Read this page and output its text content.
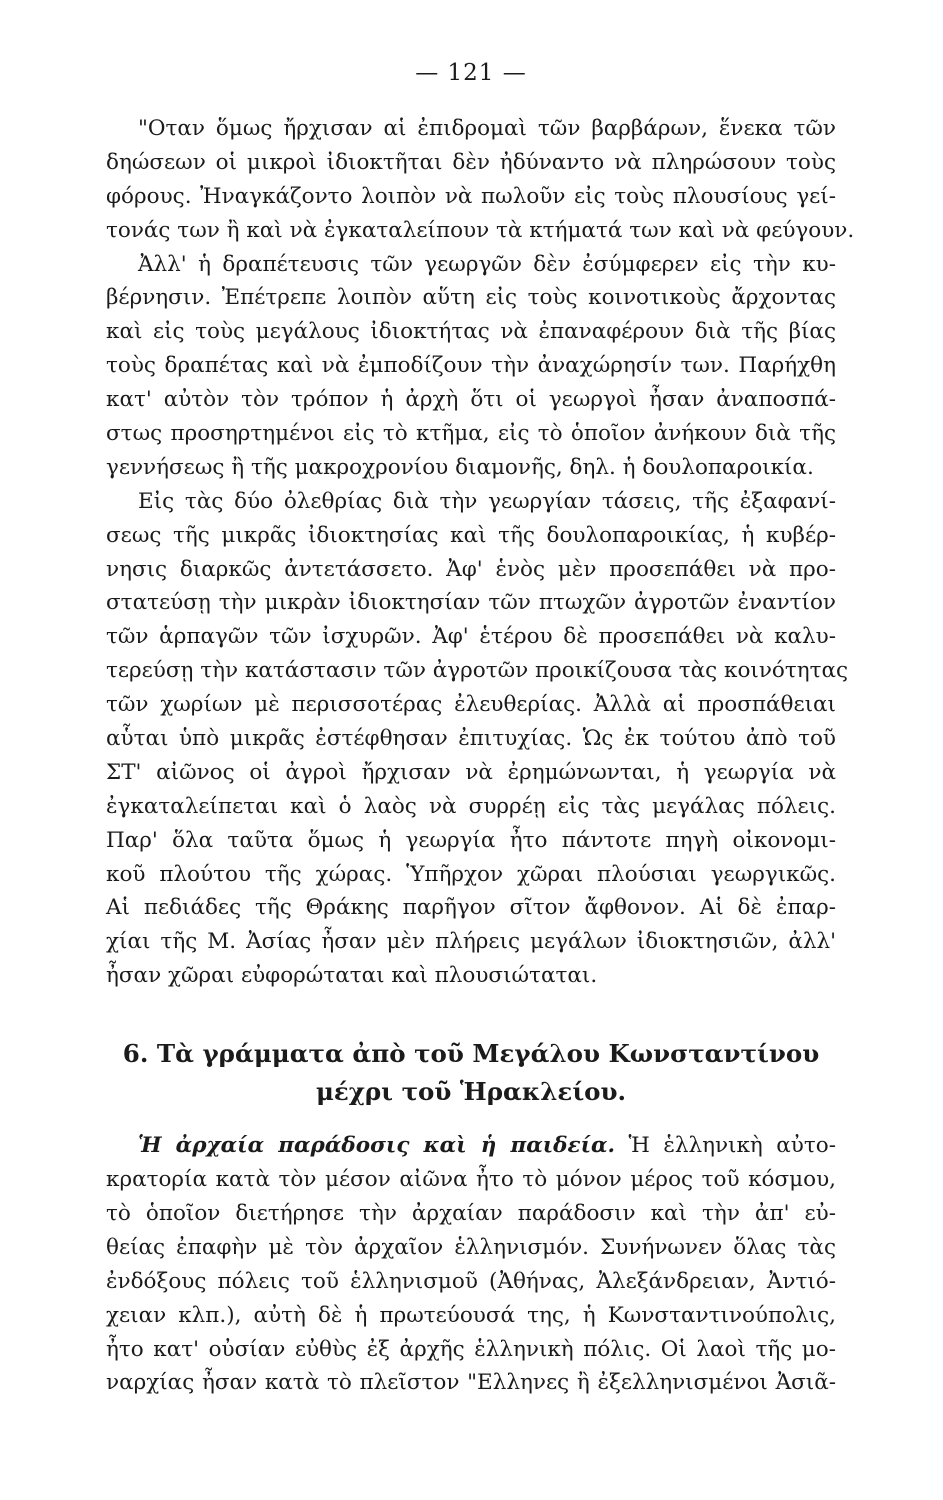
— 121 —

"Οταν ὅμως ἤρχισαν αἱ ἐπιδρομαὶ τῶν βαρβάρων, ἕνεκα τῶν
δηώσεων οἱ μικροὶ ἰδιοκτῆται δὲν ἠδύναντο νὰ πληρώσουν τοὺς
φόρους. Ἠναγκάζοντο λοιπὸν νὰ πωλοῦν εἰς τοὺς πλουσίους γεί-
τονάς των ἢ καὶ νὰ ἐγκαταλείπουν τὰ κτήματά των καὶ νὰ φεύγουν.

Ἀλλ' ἡ δραπέτευσις τῶν γεωργῶν δὲν ἐσύμφερεν εἰς τὴν κυ-
βέρνησιν. Ἐπέτρεπε λοιπὸν αὕτη εἰς τοὺς κοινοτικοὺς ἄρχοντας
καὶ εἰς τοὺς μεγάλους ἰδιοκτήτας νὰ ἐπαναφέρουν διὰ τῆς βίας
τοὺς δραπέτας καὶ νὰ ἐμποδίζουν τὴν ἀναχώρησίν των. Παρήχθη
κατ' αὐτὸν τὸν τρόπον ἡ ἀρχὴ ὅτι οἱ γεωργοὶ ἦσαν ἀναποσπά-
στως προσηρτημένοι εἰς τὸ κτῆμα, εἰς τὸ ὁποῖον ἀνήκουν διὰ τῆς
γεννήσεως ἢ τῆς μακροχρονίου διαμονῆς, δηλ. ἡ δουλοπαροικία.

Εἰς τὰς δύο ὀλεθρίας διὰ τὴν γεωργίαν τάσεις, τῆς ἐξαφανί-
σεως τῆς μικρᾶς ἰδιοκτησίας καὶ τῆς δουλοπαροικίας, ἡ κυβέρ-
νησις διαρκῶς ἀντετάσσετο. Ἀφ' ἑνὸς μὲν προσεπάθει νὰ προ-
στατεύσῃ τὴν μικρὰν ἰδιοκτησίαν τῶν πτωχῶν ἀγροτῶν ἐναντίον
τῶν ἁρπαγῶν τῶν ἰσχυρῶν. Ἀφ' ἑτέρου δὲ προσεπάθει νὰ καλυ-
τερεύσῃ τὴν κατάστασιν τῶν ἀγροτῶν προικίζουσα τὰς κοινότητας
τῶν χωρίων μὲ περισσοτέρας ἐλευθερίας. Ἀλλὰ αἱ προσπάθειαι
αὗται ὑπὸ μικρᾶς ἐστέφθησαν ἐπιτυχίας. Ὡς ἐκ τούτου ἀπὸ τοῦ
ΣΤ' αἰῶνος οἱ ἀγροὶ ἤρχισαν νὰ ἐρημώνωνται, ἡ γεωργία νὰ
ἐγκαταλείπεται καὶ ὁ λαὸς νὰ συρρέῃ εἰς τὰς μεγάλας πόλεις.
Παρ' ὅλα ταῦτα ὅμως ἡ γεωργία ἦτο πάντοτε πηγὴ οἰκονομι-
κοῦ πλούτου τῆς χώρας. Ὑπῆρχον χῶραι πλούσιαι γεωργικῶς.
Αἱ πεδιάδες τῆς Θράκης παρῆγον σῖτον ἄφθονον. Αἱ δὲ ἐπαρ-
χίαι τῆς Μ. Ἀσίας ἦσαν μὲν πλήρεις μεγάλων ἰδιοκτησιῶν, ἀλλ'
ἦσαν χῶραι εὐφορώταται καὶ πλουσιώταται.

6. Τὰ γράμματα ἀπὸ τοῦ Μεγάλου Κωνσταντίνου
μέχρι τοῦ Ἡρακλείου.

Ἡ ἀρχαία παράδοσις καὶ ἡ παιδεία. Ἡ ἑλληνικὴ αὐτο-
κρατορία κατὰ τὸν μέσον αἰῶνα ἦτο τὸ μόνον μέρος τοῦ κόσμου,
τὸ ὁποῖον διετήρησε τὴν ἀρχαίαν παράδοσιν καὶ τὴν ἀπ' εὐ-
θείας ἐπαφὴν μὲ τὸν ἀρχαῖον ἑλληνισμόν. Συνήνωνεν ὅλας τὰς
ἐνδόξους πόλεις τοῦ ἑλληνισμοῦ (Ἀθήνας, Ἀλεξάνδρειαν, Ἀντιό-
χειαν κλπ.), αὐτὴ δὲ ἡ πρωτεύουσά της, ἡ Κωνσταντινούπολις,
ἦτο κατ' οὐσίαν εὐθὺς ἐξ ἀρχῆς ἑλληνικὴ πόλις. Οἱ λαοὶ τῆς μο-
ναρχίας ἦσαν κατὰ τὸ πλεῖστον "Ελληνες ἢ ἐξελληνισμένοι Ἀσιᾶ-
